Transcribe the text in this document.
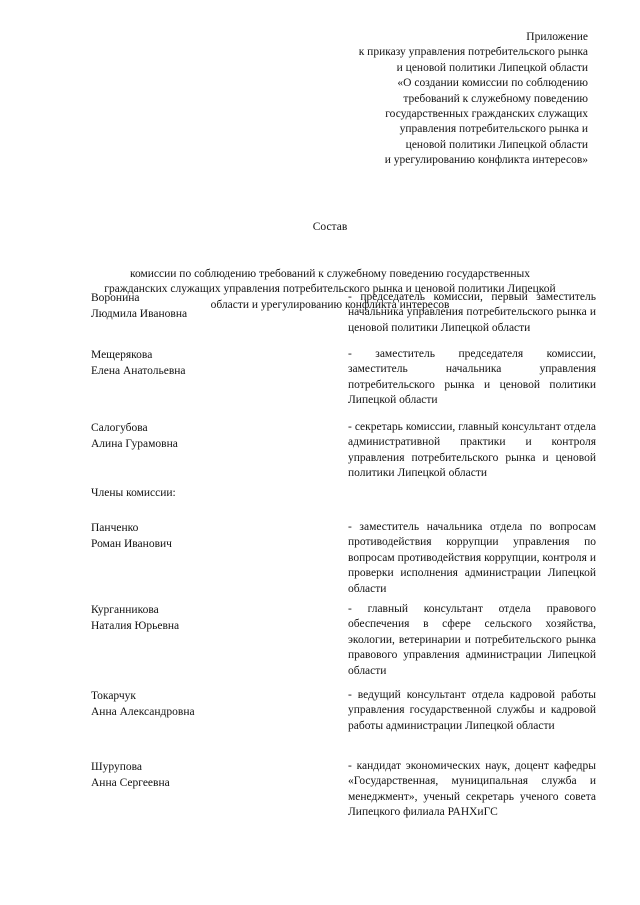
Приложение
к приказу управления потребительского рынка
и ценовой политики Липецкой области
«О создании комиссии по соблюдению
требований к служебному поведению
государственных гражданских служащих
управления потребительского рынка и
ценовой политики Липецкой области
и урегулированию конфликта интересов»

Состав

комиссии по соблюдению требований к служебному поведению государственных
гражданских служащих управления потребительского рынка и ценовой политики Липецкой
области и урегулированию конфликта интересов

Воронина
Людмила Ивановна
- председатель комиссии, первый заместитель начальника управления потребительского рынка и ценовой политики Липецкой области
Мещерякова
Елена Анатольевна
- заместитель председателя комиссии, заместитель начальника управления потребительского рынка и ценовой политики Липецкой области
Салогубова
Алина Гурамовна
- секретарь комиссии, главный консультант отдела административной практики и контроля управления потребительского рынка и ценовой политики Липецкой области
Члены комиссии:
Панченко
Роман Иванович
- заместитель начальника отдела по вопросам противодействия коррупции управления по вопросам противодействия коррупции, контроля и проверки исполнения администрации Липецкой области
Курганникова
Наталия Юрьевна
- главный консультант отдела правового обеспечения в сфере сельского хозяйства, экологии, ветеринарии и потребительского рынка правового управления администрации Липецкой области
Токарчук
Анна Александровна
- ведущий консультант отдела кадровой работы управления государственной службы и кадровой работы администрации Липецкой области
Шурупова
Анна Сергеевна
- кандидат экономических наук, доцент кафедры «Государственная, муниципальная служба и менеджмент», ученый секретарь ученого совета Липецкого филиала РАНХиГС
